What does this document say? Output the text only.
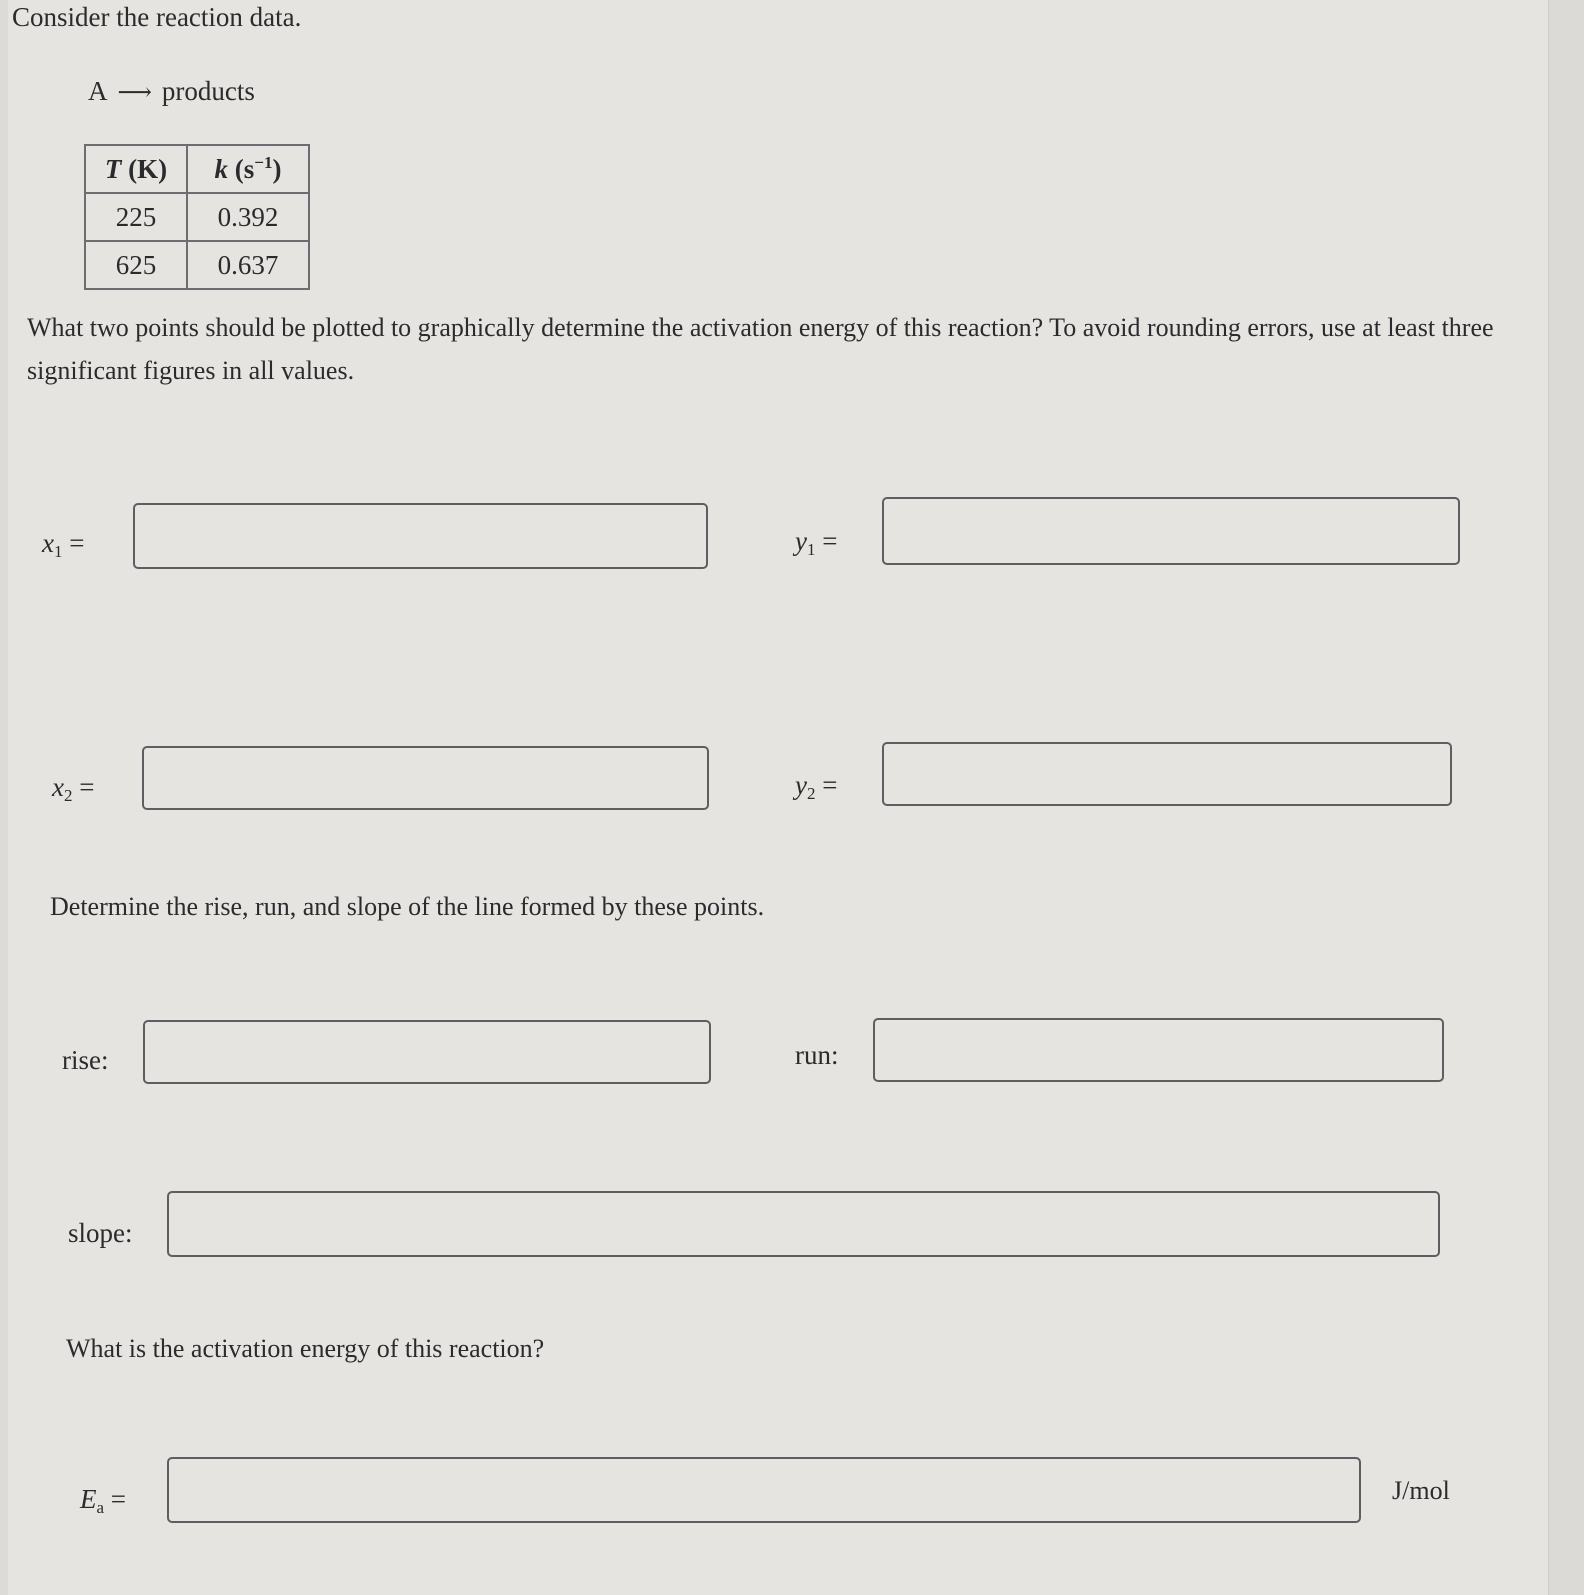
Consider the reaction data.
A ⟶ products
T (K)	k $(s^{-1})$
225	0.392
625	0.637
What two points should be plotted to graphically determine the activation energy of this reaction? To avoid rounding errors, use at least three significant figures in all values.
$x_1$ =	$y_1$ =
$x_2$ =	$y_2$ =
Determine the rise, run, and slope of the line formed by these points.
rise:	run:
slope:
What is the activation energy of this reaction?
$E_a$ =	J/mol
